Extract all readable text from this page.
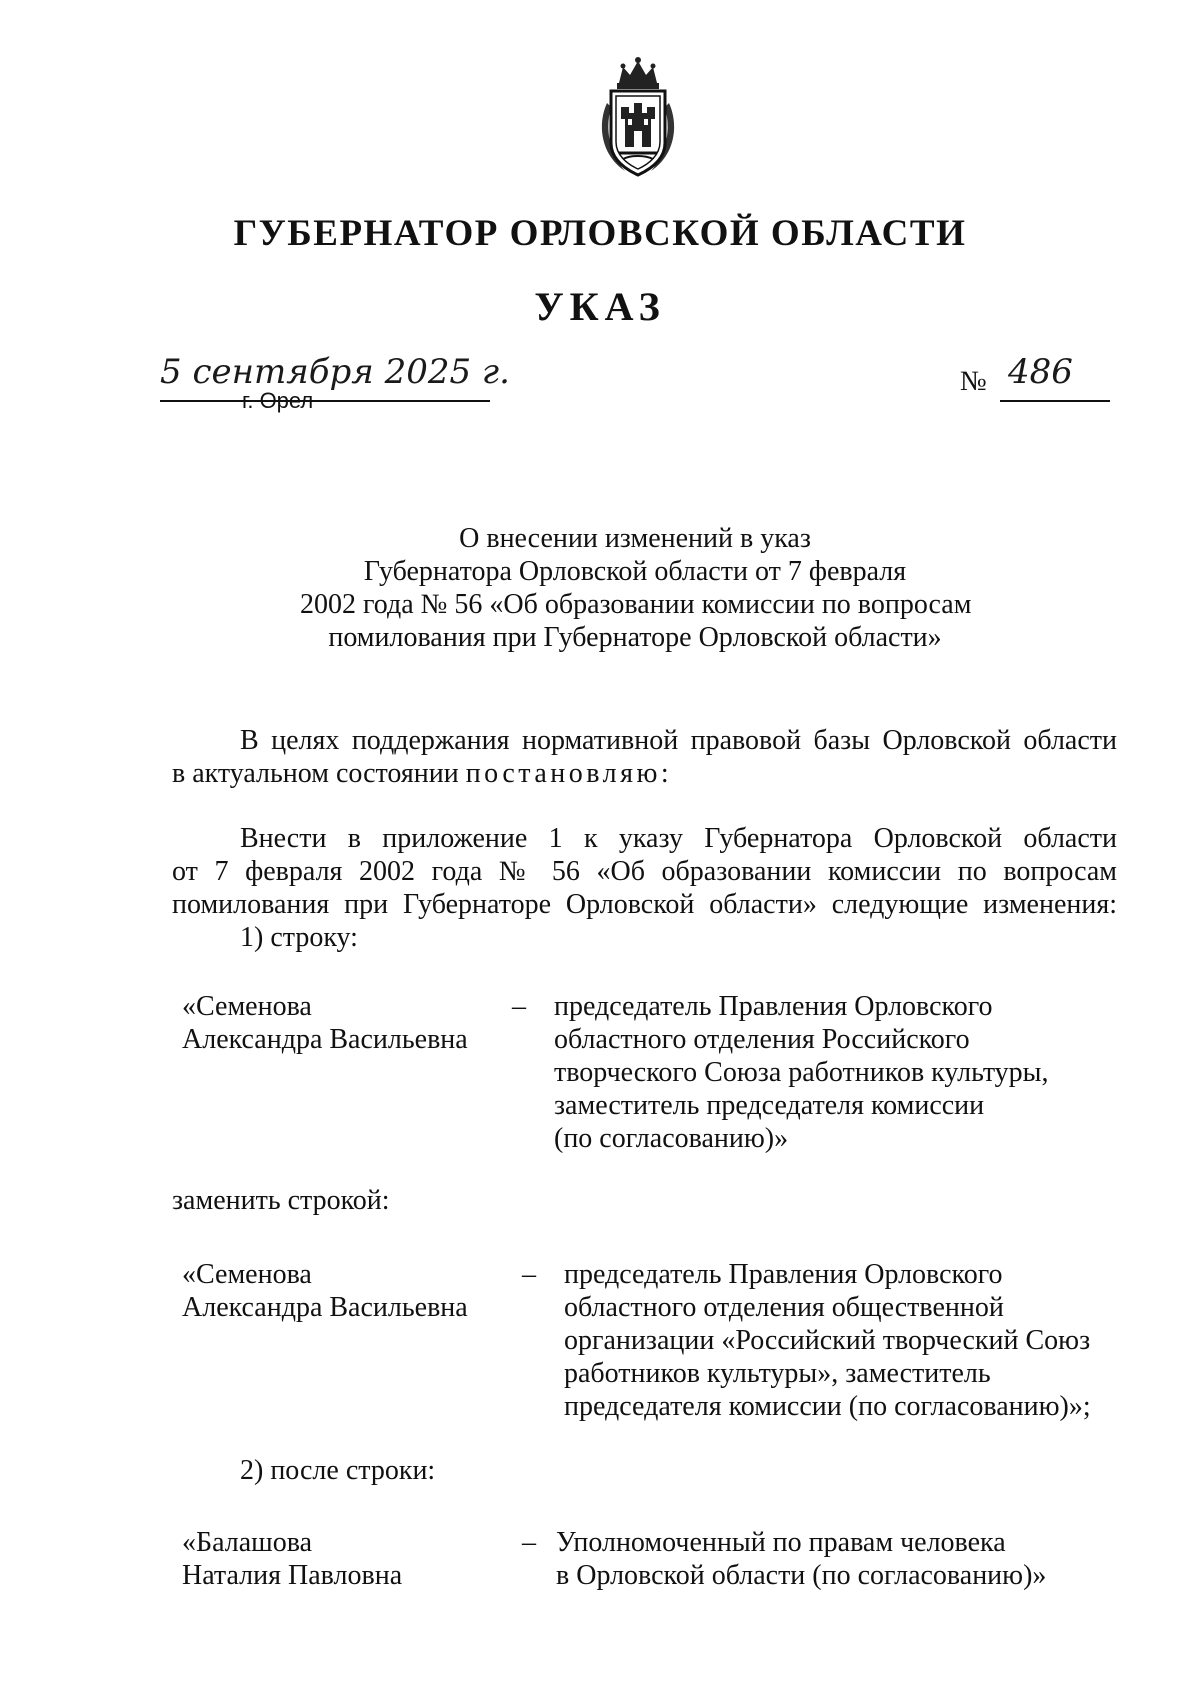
ГУБЕРНАТОР ОРЛОВСКОЙ ОБЛАСТИ
УКАЗ
5 сентября 2025 г.
г. Орел
№ 486
О внесении изменений в указ
Губернатора Орловской области от 7 февраля
2002 года № 56 «Об образовании комиссии по вопросам
помилования при Губернаторе Орловской области»
В целях поддержания нормативной правовой базы Орловской области
в актуальном состоянии постановляю:
Внести в приложение 1 к указу Губернатора Орловской области
от 7 февраля 2002 года № 56 «Об образовании комиссии по вопросам
помилования при Губернаторе Орловской области» следующие изменения:
1) строку:
«Семенова
Александра Васильевна
– председатель Правления Орловского
областного отделения Российского
творческого Союза работников культуры,
заместитель председателя комиссии
(по согласованию)»
заменить строкой:
«Семенова
Александра Васильевна
– председатель Правления Орловского
областного отделения общественной
организации «Российский творческий Союз
работников культуры», заместитель
председателя комиссии (по согласованию)»;
2) после строки:
«Балашова
Наталия Павловна
– Уполномоченный по правам человека
в Орловской области (по согласованию)»
